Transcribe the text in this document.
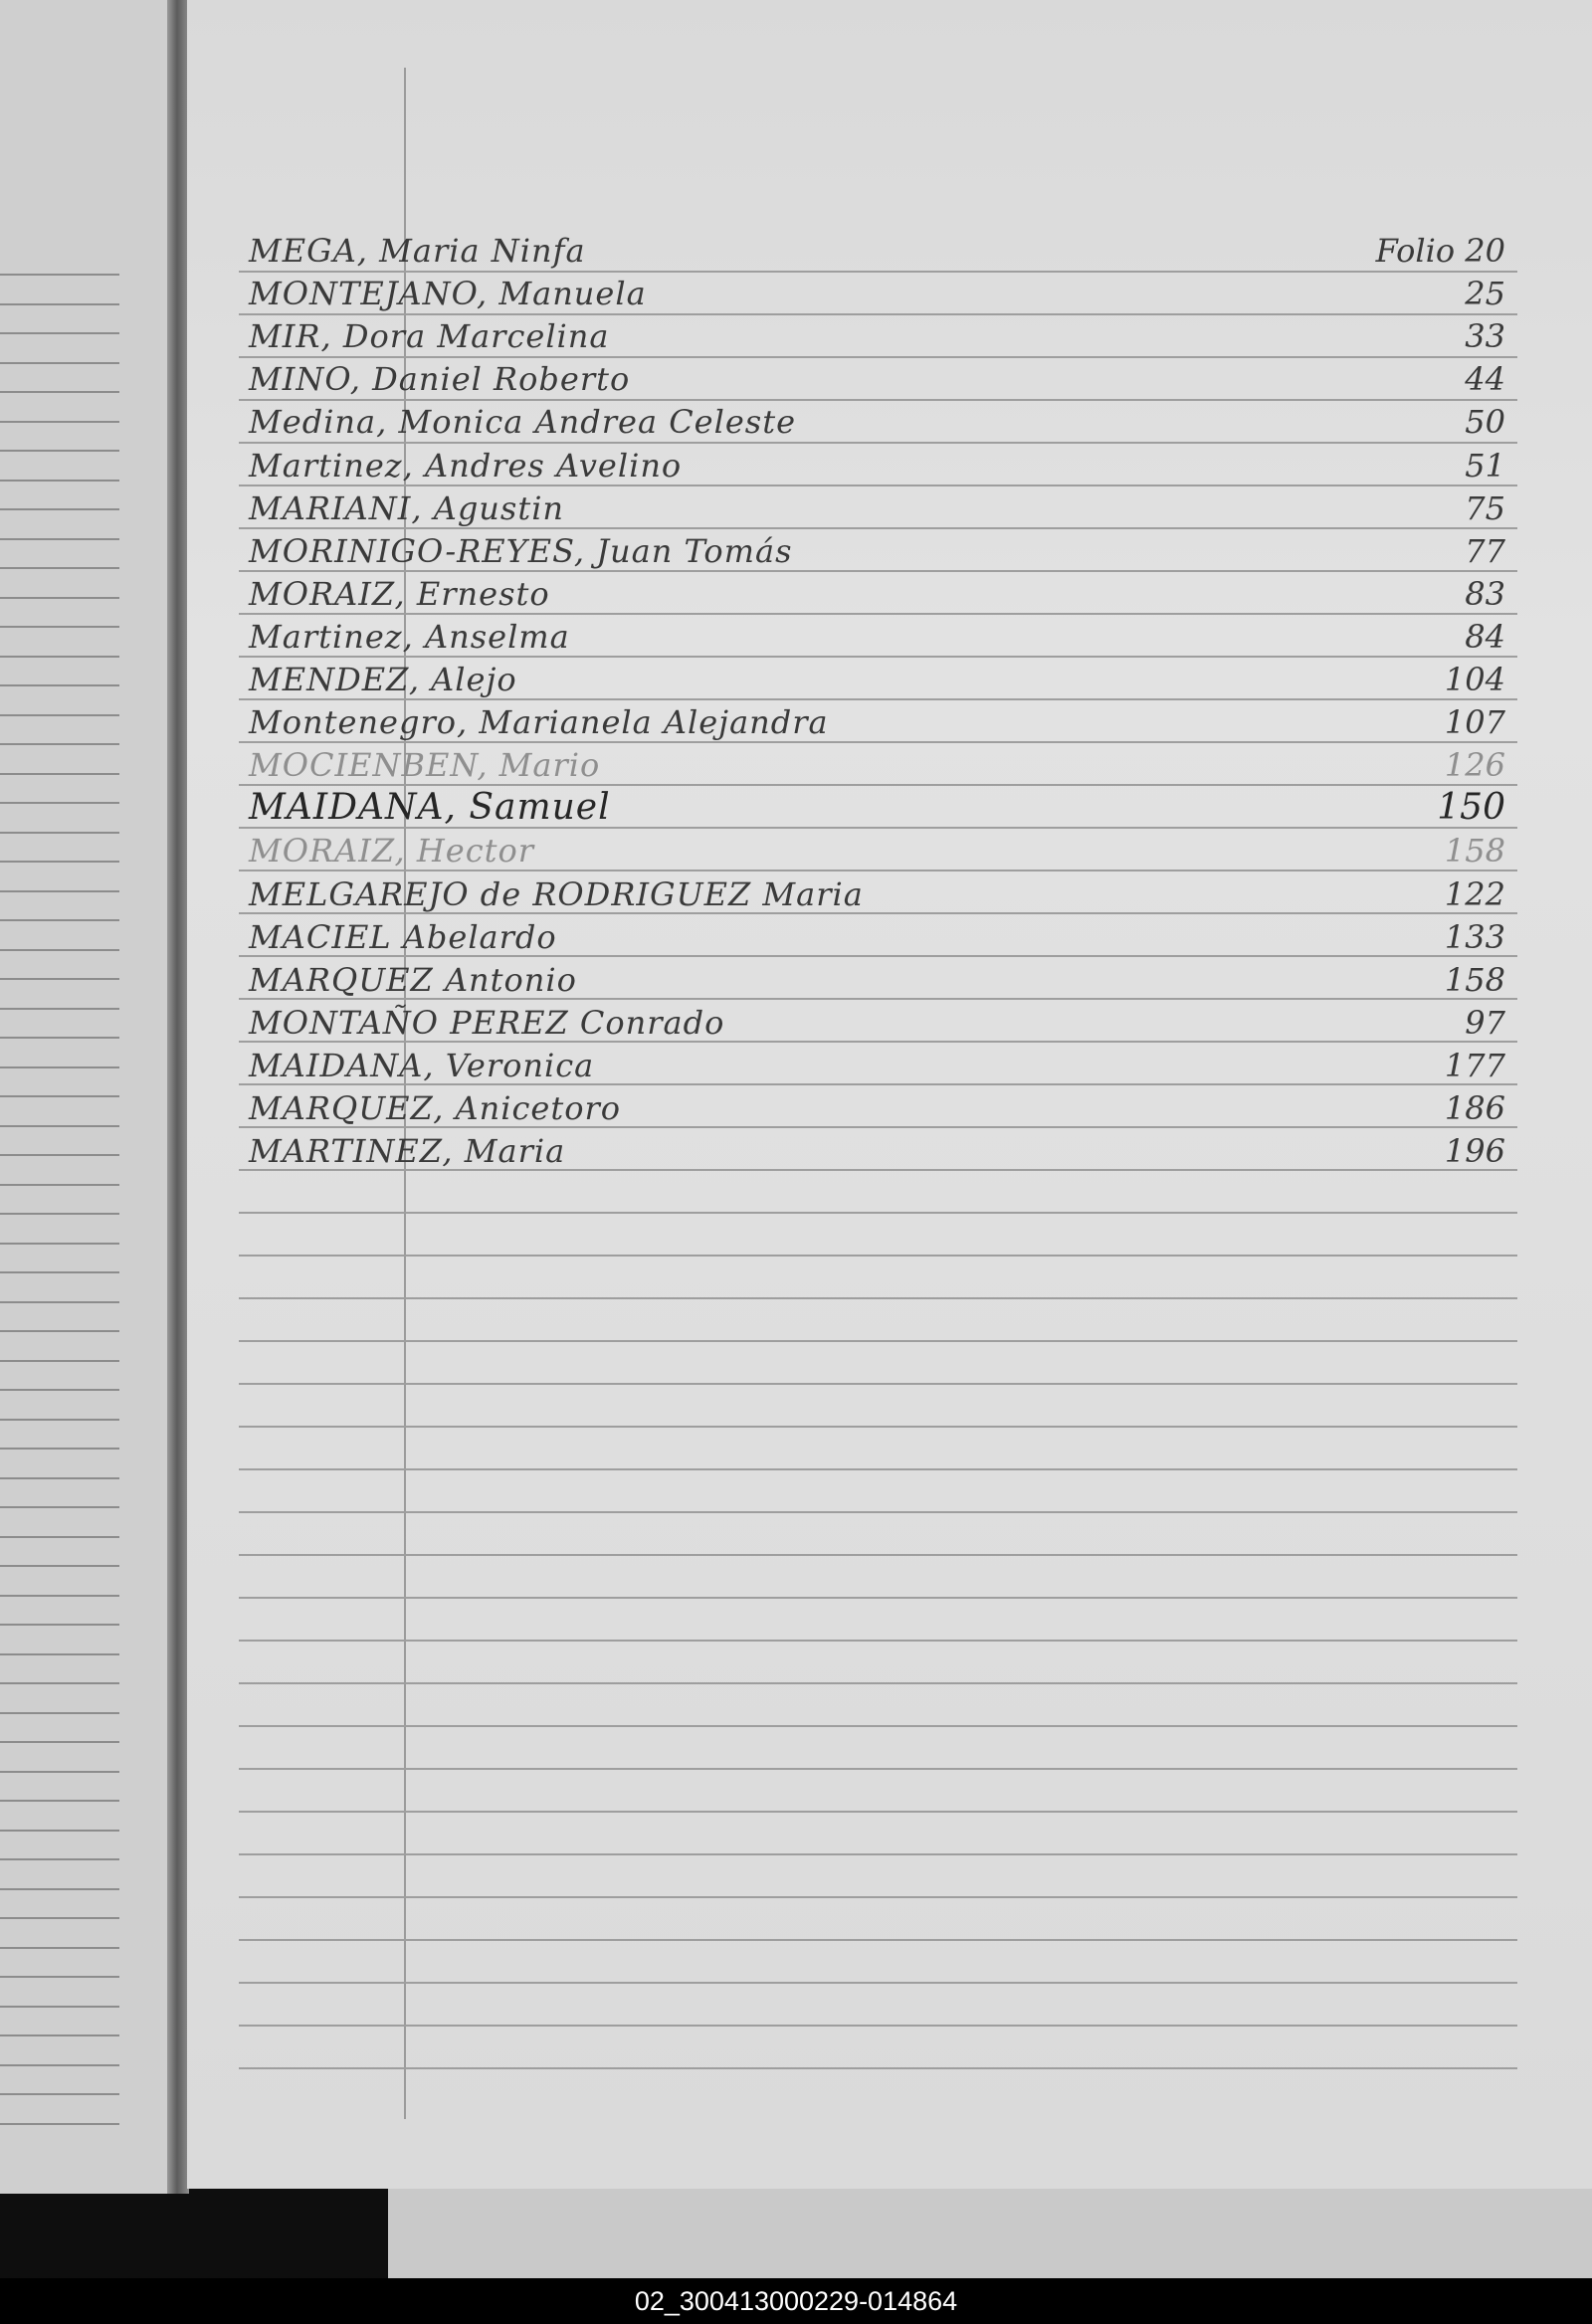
MEGA, Maria Ninfa	Folio 20
MONTEJANO, Manuela	25
MIR, Dora Marcelina	33
MINO, Daniel Roberto	44
Medina, Monica Andrea Celeste	50
Martinez, Andres Avelino	51
MARIANI, Agustin	75
MORINIGO-REYES, Juan Tomás	77
MORAIZ, Ernesto	83
Martinez, Anselma	84
MENDEZ, Alejo	104
Montenegro, Marianela Alejandra	107
MOCIENBEN, Mario	126
MAIDANA, Samuel	150
MORAIZ, Hector	158
MELGAREJO de RODRIGUEZ Maria	122
MACIEL Abelardo	133
MARQUEZ Antonio	158
MONTAÑO PEREZ Conrado	97
MAIDANA, Veronica	177
MARQUEZ, Anicetoro	186
MARTINEZ, Maria	196
02_300413000229-014864
